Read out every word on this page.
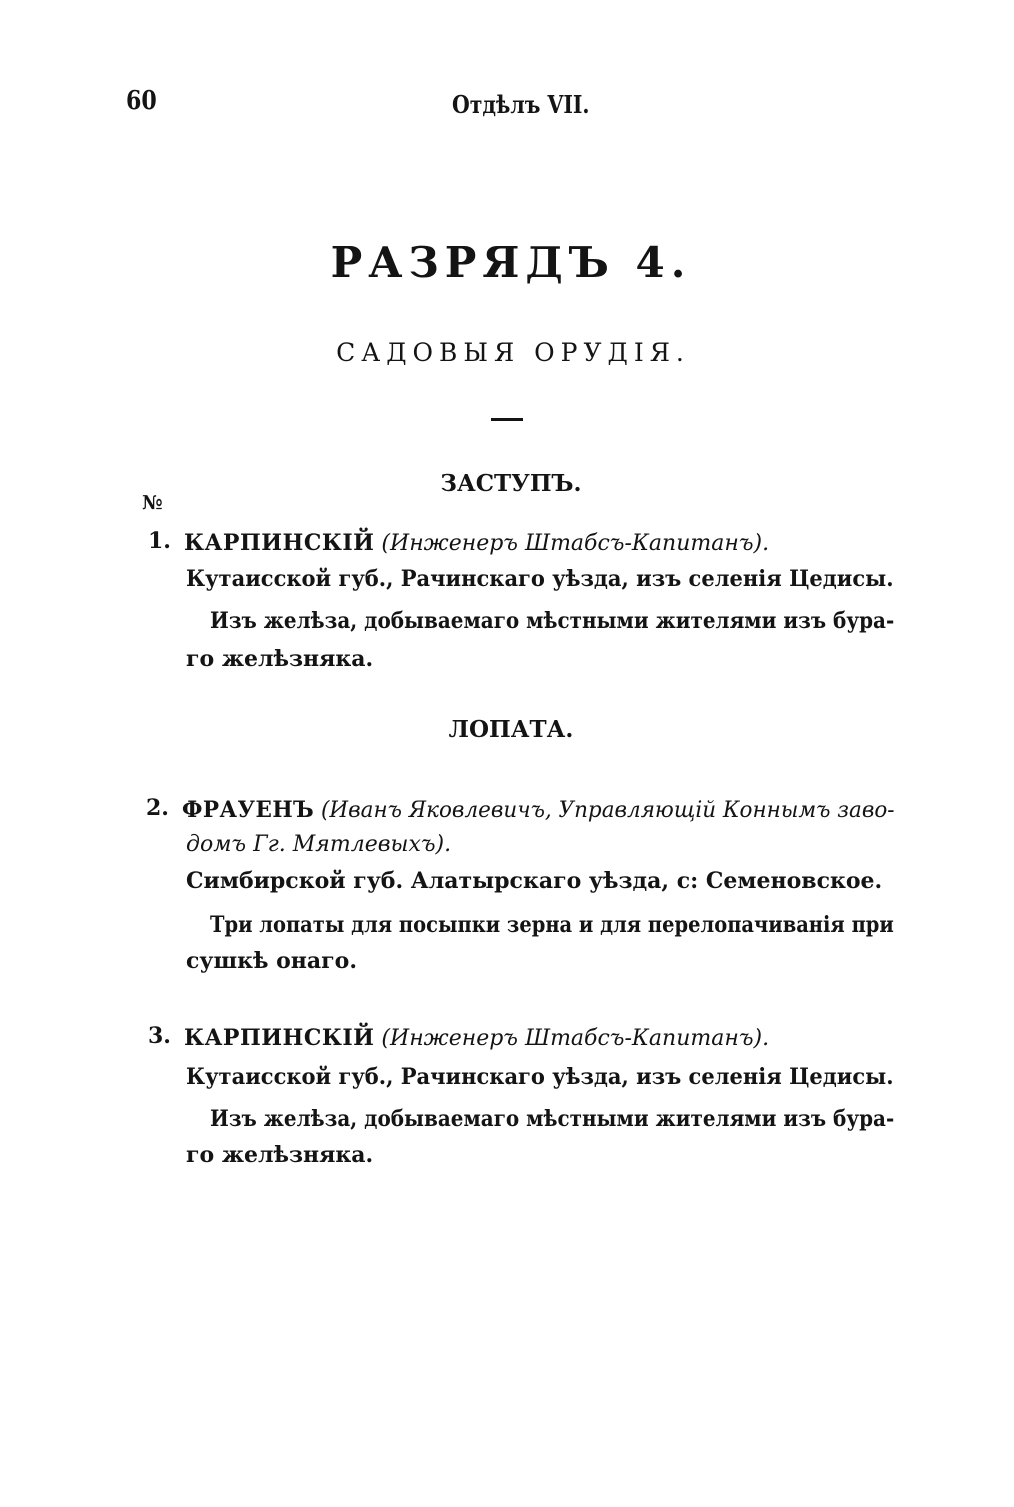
60	Отдѣлъ VII.
РАЗРЯДЪ 4.
САДОВЫЯ ОРУДІЯ.
ЗАСТУПЪ.
№
1. КАРПИНСКІЙ (Инженеръ Штабсъ-Капитанъ).
Кутаисской губ., Рачинскаго уѣзда, изъ селенія Цедисы.
Изъ желѣза, добываемаго мѣстными жителями изъ бура-
го желѣзняка.
ЛОПАТА.
2. ФРАУЕНЪ (Иванъ Яковлевичъ, Управляющій Коннымъ заво-
домъ Гг. Мятлевыхъ).
Симбирской губ. Алатырскаго уѣзда, с: Семеновское.
Три лопаты для посыпки зерна и для перелопачиванія при
сушкѣ онаго.
3. КАРПИНСКІЙ (Инженеръ Штабсъ-Капитанъ).
Кутаисской губ., Рачинскаго уѣзда, изъ селенія Цедисы.
Изъ желѣза, добываемаго мѣстными жителями изъ бура-
го желѣзняка.
